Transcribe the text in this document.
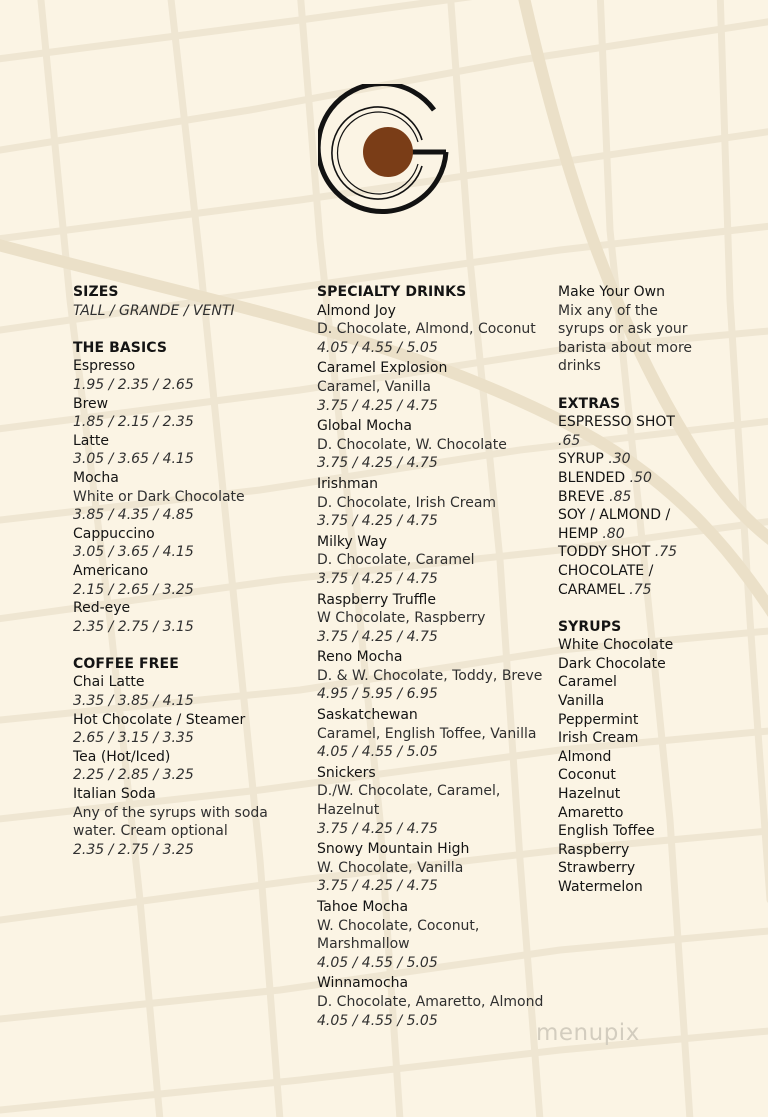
SIZES
TALL / GRANDE / VENTI
THE BASICS
Espresso
1.95 / 2.35 / 2.65
Brew
1.85 / 2.15 / 2.35
Latte
3.05 / 3.65 / 4.15
Mocha
White or Dark Chocolate
3.85 / 4.35 / 4.85
Cappuccino
3.05 / 3.65 / 4.15
Americano
2.15 / 2.65 / 3.25
Red-eye
2.35 / 2.75 / 3.15
COFFEE FREE
Chai Latte
3.35 / 3.85 / 4.15
Hot Chocolate / Steamer
2.65 / 3.15 / 3.35
Tea (Hot/Iced)
2.25 / 2.85 / 3.25
Italian Soda
Any of the syrups with soda water. Cream optional
2.35 / 2.75 / 3.25
SPECIALTY DRINKS
Almond Joy
D. Chocolate, Almond, Coconut
4.05 / 4.55 / 5.05
Caramel Explosion
Caramel, Vanilla
3.75 / 4.25 / 4.75
Global Mocha
D. Chocolate, W. Chocolate
3.75 / 4.25 / 4.75
Irishman
D. Chocolate, Irish Cream
3.75 / 4.25 / 4.75
Milky Way
D. Chocolate, Caramel
3.75 / 4.25 / 4.75
Raspberry Truffle
W Chocolate, Raspberry
3.75 / 4.25 / 4.75
Reno Mocha
D. & W. Chocolate, Toddy, Breve
4.95 / 5.95 / 6.95
Saskatchewan
Caramel, English Toffee, Vanilla
4.05 / 4.55 / 5.05
Snickers
D./W. Chocolate, Caramel, Hazelnut
3.75 / 4.25 / 4.75
Snowy Mountain High
W. Chocolate, Vanilla
3.75 / 4.25 / 4.75
Tahoe Mocha
W. Chocolate, Coconut, Marshmallow
4.05 / 4.55 / 5.05
Winnamocha
D. Chocolate, Amaretto, Almond
4.05 / 4.55 / 5.05
Make Your Own
Mix any of the syrups or ask your barista about more drinks
EXTRAS
ESPRESSO SHOT
.65
SYRUP .30
BLENDED .50
BREVE .85
SOY / ALMOND / HEMP .80
TODDY SHOT .75
CHOCOLATE / CARAMEL .75
SYRUPS
White Chocolate
Dark Chocolate
Caramel
Vanilla
Peppermint
Irish Cream
Almond
Coconut
Hazelnut
Amaretto
English Toffee
Raspberry
Strawberry
Watermelon
menupix
